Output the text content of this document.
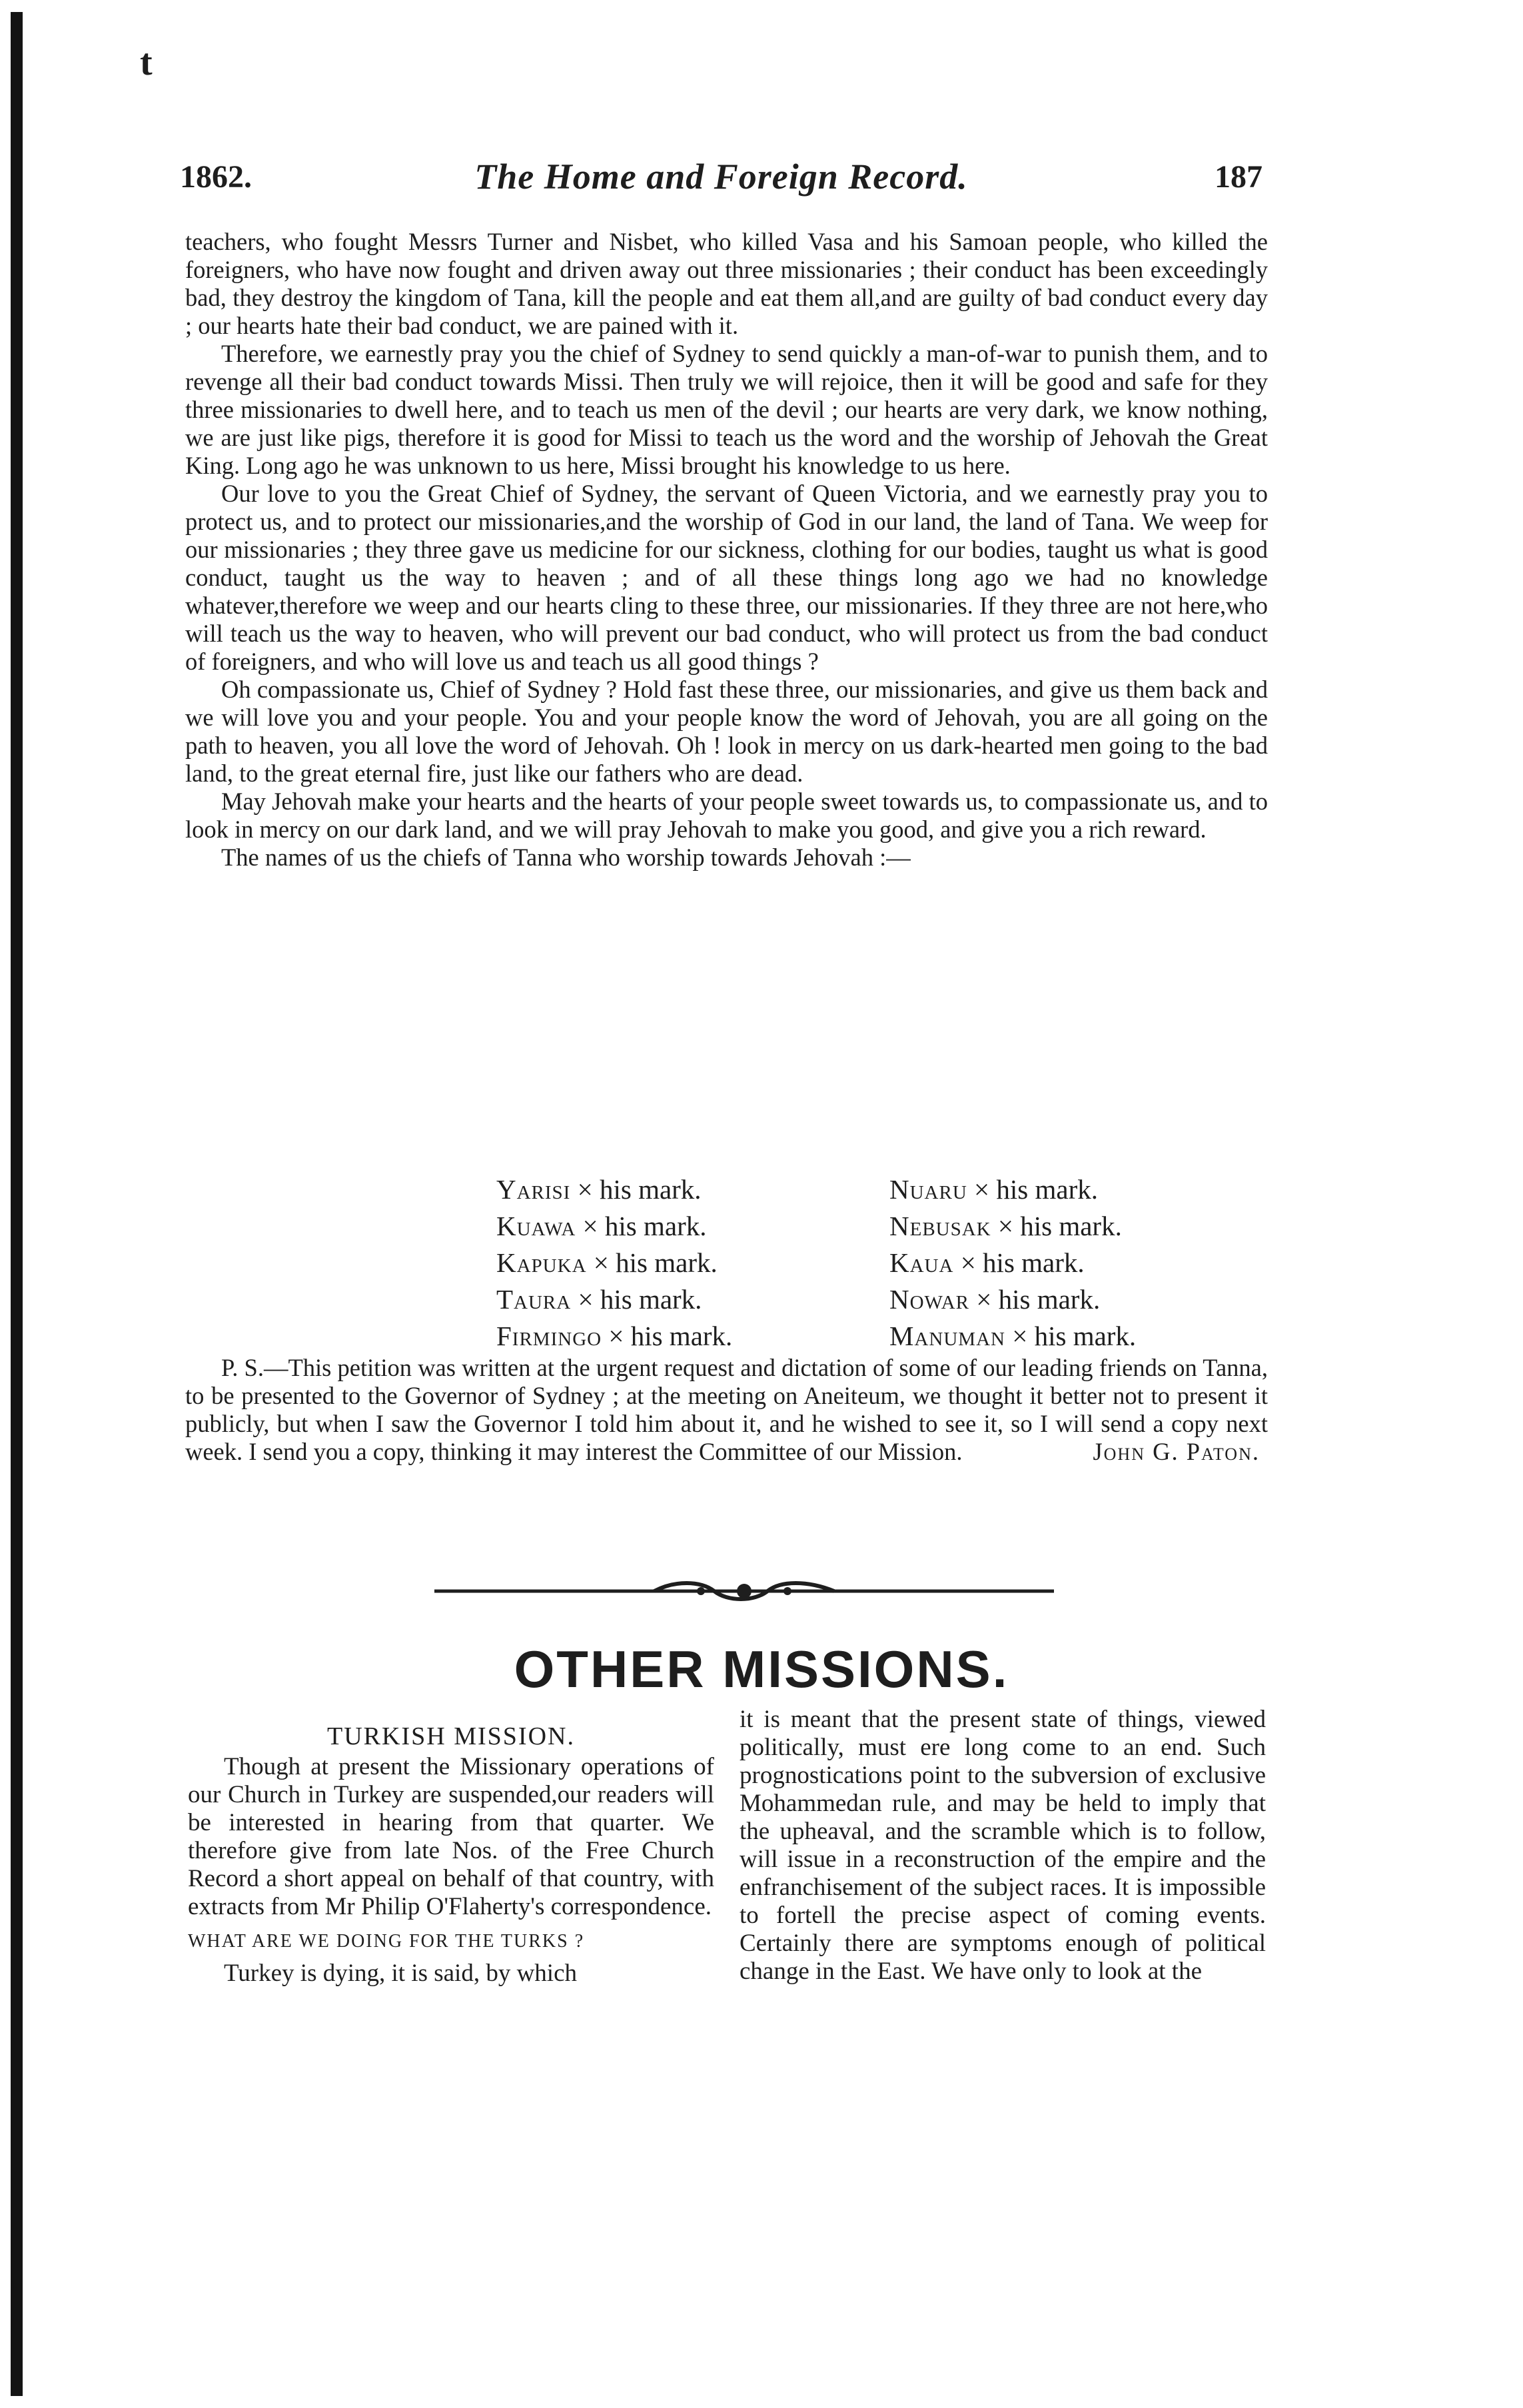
t
1862.	The Home and Foreign Record.	187

teachers, who fought Messrs Turner and Nisbet, who killed Vasa and his Samoan people, who killed the foreigners, who have now fought and driven away out three missionaries ; their conduct has been exceedingly bad, they destroy the kingdom of Tana, kill the people and eat them all,and are guilty of bad conduct every day ; our hearts hate their bad conduct, we are pained with it.

Therefore, we earnestly pray you the chief of Sydney to send quickly a man-of-war to punish them, and to revenge all their bad conduct towards Missi. Then truly we will rejoice, then it will be good and safe for they three missionaries to dwell here, and to teach us men of the devil ; our hearts are very dark, we know nothing, we are just like pigs, therefore it is good for Missi to teach us the word and the worship of Jehovah the Great King. Long ago he was unknown to us here, Missi brought his knowledge to us here.

Our love to you the Great Chief of Sydney, the servant of Queen Victoria, and we earnestly pray you to protect us, and to protect our missionaries,and the worship of God in our land, the land of Tana. We weep for our missionaries ; they three gave us medicine for our sickness, clothing for our bodies, taught us what is good conduct, taught us the way to heaven ; and of all these things long ago we had no knowledge whatever,therefore we weep and our hearts cling to these three, our missionaries. If they three are not here,who will teach us the way to heaven, who will prevent our bad conduct, who will protect us from the bad conduct of foreigners, and who will love us and teach us all good things ?

Oh compassionate us, Chief of Sydney ? Hold fast these three, our missionaries, and give us them back and we will love you and your people. You and your people know the word of Jehovah, you are all going on the path to heaven, you all love the word of Jehovah. Oh ! look in mercy on us dark-hearted men going to the bad land, to the great eternal fire, just like our fathers who are dead.

May Jehovah make your hearts and the hearts of your people sweet towards us, to compassionate us, and to look in mercy on our dark land, and we will pray Jehovah to make you good, and give you a rich reward.

The names of us the chiefs of Tanna who worship towards Jehovah :—

Yarisi × his mark.	Nuaru × his mark.
Kuawa × his mark.	Nebusak × his mark.
Kapuka × his mark.	Kaua × his mark.
Taura × his mark.	Nowar × his mark.
Firmingo × his mark.	Manuman × his mark.

P. S.—This petition was written at the urgent request and dictation of some of our leading friends on Tanna, to be presented to the Governor of Sydney ; at the meeting on Aneiteum, we thought it better not to present it publicly, but when I saw the Governor I told him about it, and he wished to see it, so I will send a copy next week. I send you a copy, thinking it may interest the Committee of our Mission.	John G. Paton.

OTHER MISSIONS.

TURKISH MISSION.

Though at present the Missionary operations of our Church in Turkey are suspended,our readers will be interested in hearing from that quarter. We therefore give from late Nos. of the Free Church Record a short appeal on behalf of that country, with extracts from Mr Philip O'Flaherty's correspondence.

WHAT ARE WE DOING FOR THE TURKS ?

Turkey is dying, it is said, by which

it is meant that the present state of things, viewed politically, must ere long come to an end. Such prognostications point to the subversion of exclusive Mohammedan rule, and may be held to imply that the upheaval, and the scramble which is to follow, will issue in a reconstruction of the empire and the enfranchisement of the subject races. It is impossible to fortell the precise aspect of coming events. Certainly there are symptoms enough of political change in the East. We have only to look at the
